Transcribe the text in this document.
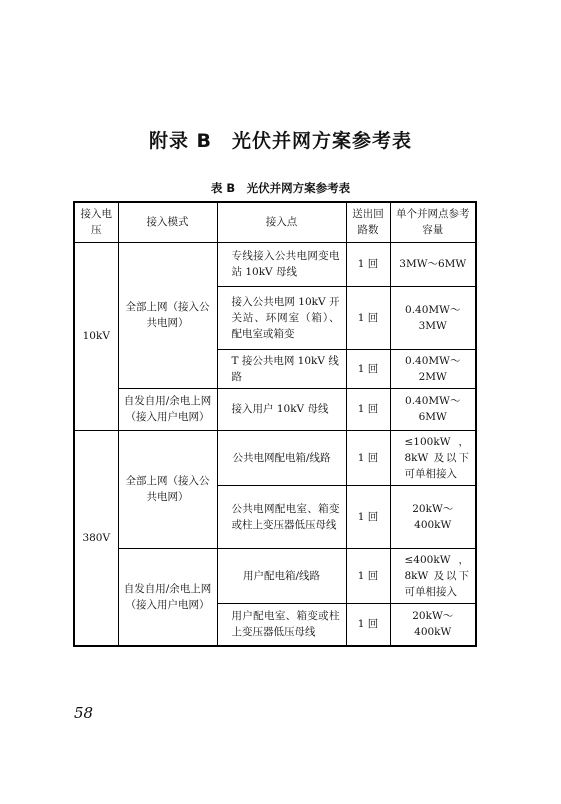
附录 B　光伏并网方案参考表
表 B　光伏并网方案参考表
接入电压	接入模式	接入点	送出回路数	单个并网点参考容量
10kV	全部上网（接入公共电网）	专线接入公共电网变电站 10kV 母线	1 回	3MW～6MW
		接入公共电网 10kV 开关站、环网室（箱）、配电室或箱变	1 回	0.40MW～3MW
		T 接公共电网 10kV 线路	1 回	0.40MW～2MW
	自发自用/余电上网（接入用户电网）	接入用户 10kV 母线	1 回	0.40MW～6MW
380V	全部上网（接入公共电网）	公共电网配电箱/线路	1 回	≤100kW，8kW 及以下可单相接入
		公共电网配电室、箱变或柱上变压器低压母线	1 回	20kW～400kW
	自发自用/余电上网（接入用户电网）	用户配电箱/线路	1 回	≤400kW，8kW 及以下可单相接入
		用户配电室、箱变或柱上变压器低压母线	1 回	20kW～400kW
58
